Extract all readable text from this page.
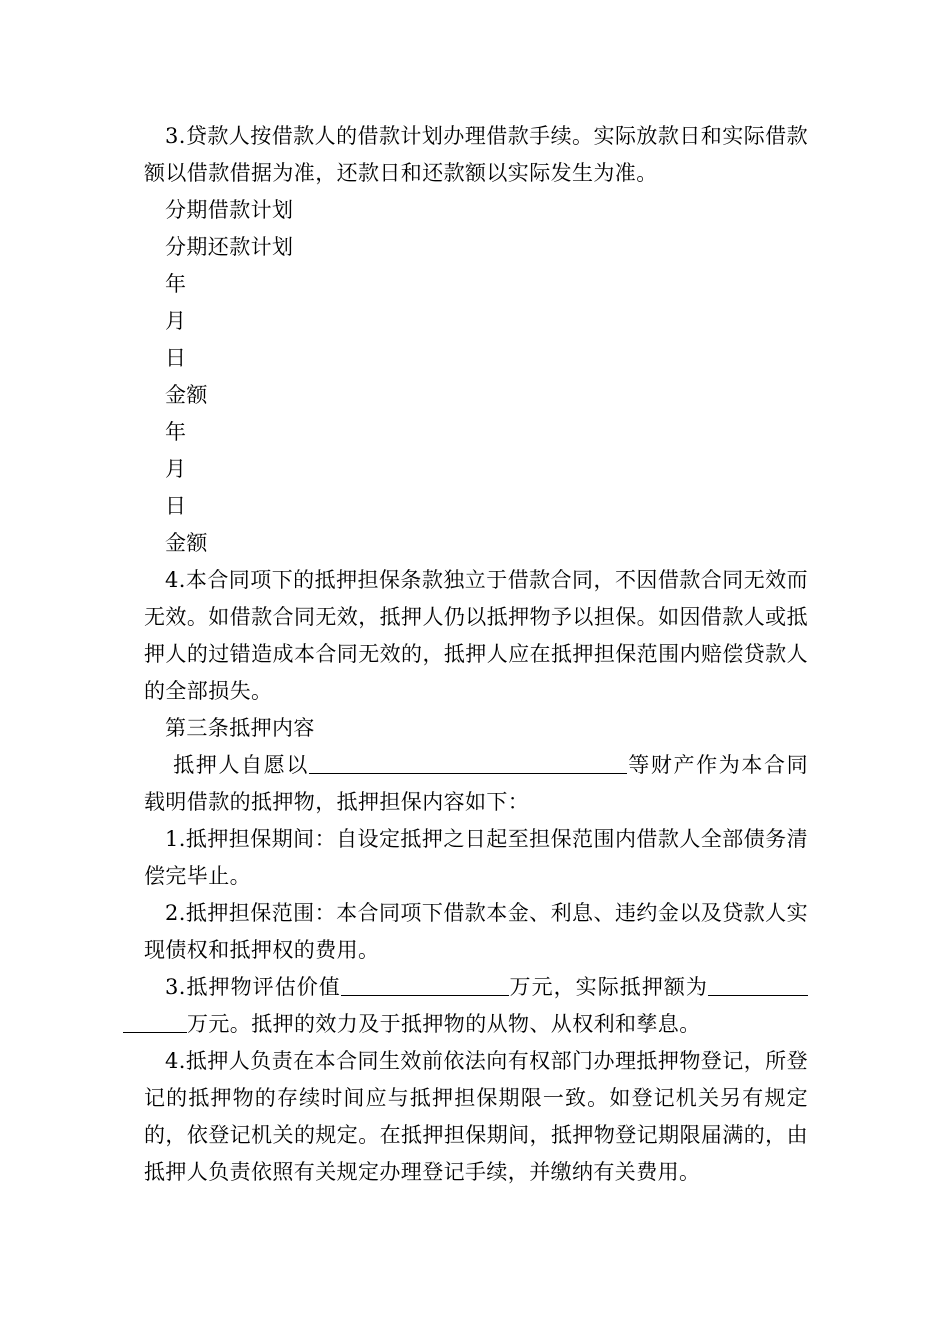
3.贷款人按借款人的借款计划办理借款手续。实际放款日和实际借款额以借款借据为准，还款日和还款额以实际发生为准。

分期借款计划

分期还款计划

年

月

日

金额

年

月

日

金额

4.本合同项下的抵押担保条款独立于借款合同，不因借款合同无效而无效。如借款合同无效，抵押人仍以抵押物予以担保。如因借款人或抵押人的过错造成本合同无效的，抵押人应在抵押担保范围内赔偿贷款人的全部损失。

第三条抵押内容

抵押人自愿以	等财产作为本合同载明借款的抵押物，抵押担保内容如下：

1.抵押担保期间：自设定抵押之日起至担保范围内借款人全部债务清偿完毕止。

2.抵押担保范围：本合同项下借款本金、利息、违约金以及贷款人实现债权和抵押权的费用。

3.抵押物评估价值	万元，实际抵押额为万元。抵押的效力及于抵押物的从物、从权利和孳息。

4.抵押人负责在本合同生效前依法向有权部门办理抵押物登记，所登记的抵押物的存续时间应与抵押担保期限一致。如登记机关另有规定的，依登记机关的规定。在抵押担保期间，抵押物登记期限届满的，由抵押人负责依照有关规定办理登记手续，并缴纳有关费用。
